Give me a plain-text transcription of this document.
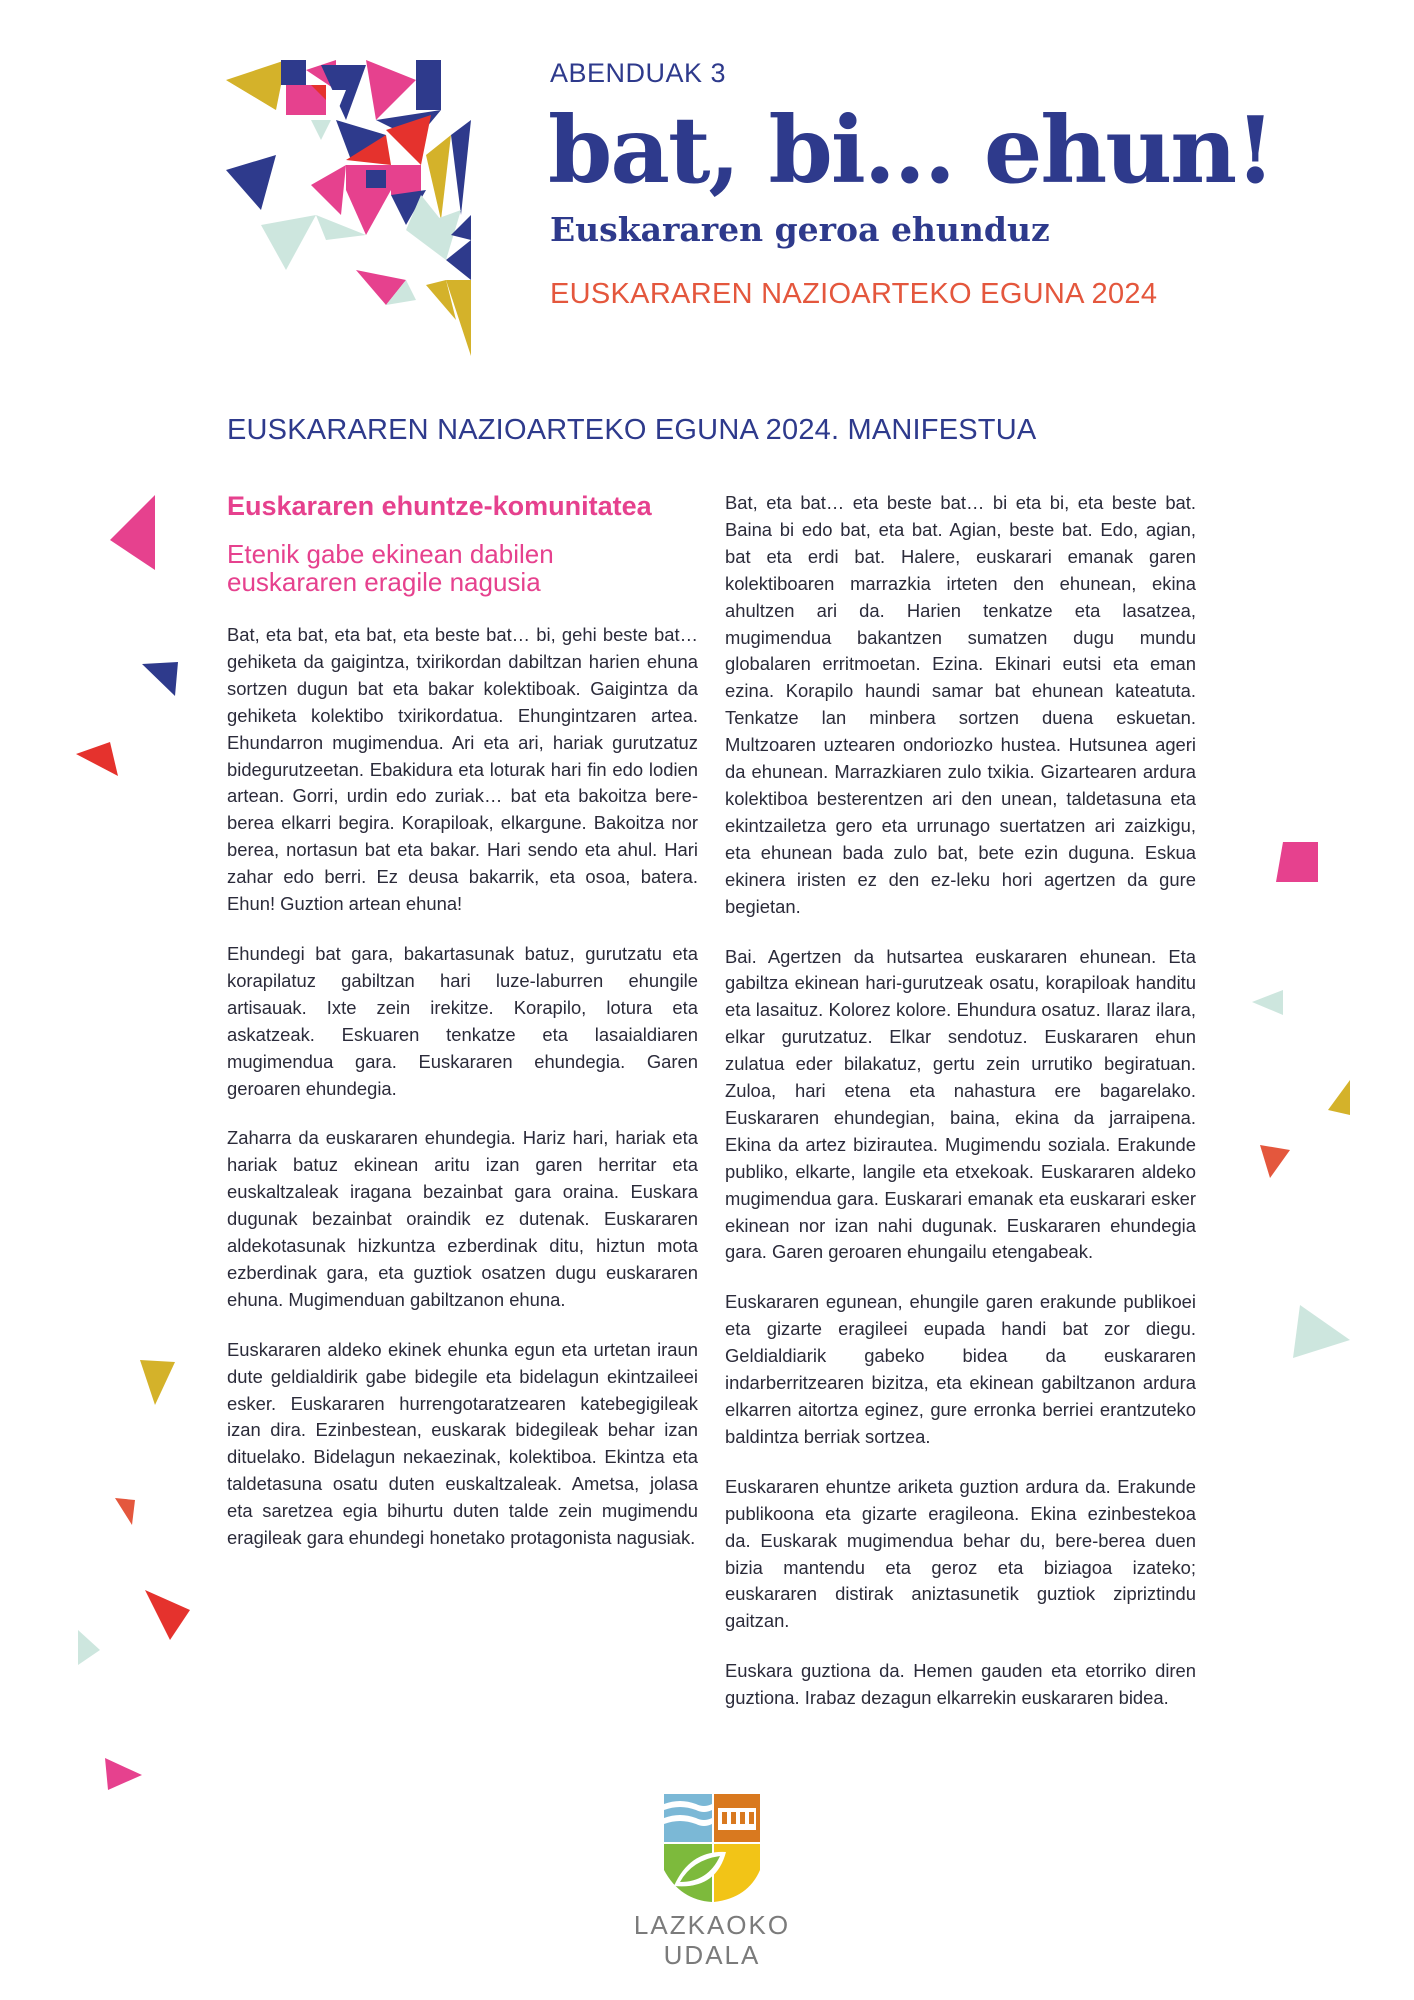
ABENDUAK 3
bat, bi... ehun!
Euskararen geroa ehunduz
EUSKARAREN NAZIOARTEKO EGUNA 2024
EUSKARAREN NAZIOARTEKO EGUNA 2024. MANIFESTUA
Euskararen ehuntze-komunitatea
Etenik gabe ekinean dabilen
euskararen eragile nagusia

Bat, eta bat, eta bat, eta beste bat… bi, gehi beste bat… gehiketa da gaigintza, txirikordan dabiltzan harien ehuna sortzen dugun bat eta bakar kolektiboak. Gaigintza da gehiketa kolektibo txirikordatua. Ehungintzaren artea. Ehundarron mugimendua. Ari eta ari, hariak gurutzatuz bidegurutzeetan. Ebakidura eta loturak hari fin edo lodien artean. Gorri, urdin edo zuriak… bat eta bakoitza bere-berea elkarri begira. Korapiloak, elkargune. Bakoitza nor berea, nortasun bat eta bakar. Hari sendo eta ahul. Hari zahar edo berri. Ez deusa bakarrik, eta osoa, batera. Ehun! Guztion artean ehuna!

Ehundegi bat gara, bakartasunak batuz, gurutzatu eta korapilatuz gabiltzan hari luze-laburren ehungile artisauak. Ixte zein irekitze. Korapilo, lotura eta askatzeak. Eskuaren tenkatze eta lasaialdiaren mugimendua gara. Euskararen ehundegia. Garen geroaren ehundegia.

Zaharra da euskararen ehundegia. Hariz hari, hariak eta hariak batuz ekinean aritu izan garen herritar eta euskaltzaleak iragana bezainbat gara oraina. Euskara dugunak bezainbat oraindik ez dutenak. Euskararen aldekotasunak hizkuntza ezberdinak ditu, hiztun mota ezberdinak gara, eta guztiok osatzen dugu euskararen ehuna. Mugimenduan gabiltzanon ehuna.

Euskararen aldeko ekinek ehunka egun eta urtetan iraun dute geldialdirik gabe bidegile eta bidelagun ekintzaileei esker. Euskararen hurrengotaratzearen katebegigileak izan dira. Ezinbestean, euskarak bidegileak behar izan dituelako. Bidelagun nekaezinak, kolektiboa. Ekintza eta taldetasuna osatu duten euskaltzaleak. Ametsa, jolasa eta saretzea egia bihurtu duten talde zein mugimendu eragileak gara ehundegi honetako protagonista nagusiak.

Bat, eta bat… eta beste bat… bi eta bi, eta beste bat. Baina bi edo bat, eta bat. Agian, beste bat. Edo, agian, bat eta erdi bat. Halere, euskarari emanak garen kolektiboaren marrazkia irteten den ehunean, ekina ahultzen ari da. Harien tenkatze eta lasatzea, mugimendua bakantzen sumatzen dugu mundu globalaren erritmoetan. Ezina. Ekinari eutsi eta eman ezina. Korapilo haundi samar bat ehunean kateatuta. Tenkatze lan minbera sortzen duena eskuetan. Multzoaren uztearen ondoriozko hustea. Hutsunea ageri da ehunean. Marrazkiaren zulo txikia. Gizartearen ardura kolektiboa besterentzen ari den unean, taldetasuna eta ekintzailetza gero eta urrunago suertatzen ari zaizkigu, eta ehunean bada zulo bat, bete ezin duguna. Eskua ekinera iristen ez den ez-leku hori agertzen da gure begietan.

Bai. Agertzen da hutsartea euskararen ehunean. Eta gabiltza ekinean hari-gurutzeak osatu, korapiloak handitu eta lasaituz. Kolorez kolore. Ehundura osatuz. Ilaraz ilara, elkar gurutzatuz. Elkar sendotuz. Euskararen ehun zulatua eder bilakatuz, gertu zein urrutiko begiratuan. Zuloa, hari etena eta nahastura ere bagarelako. Euskararen ehundegian, baina, ekina da jarraipena. Ekina da artez bizirautea. Mugimendu soziala. Erakunde publiko, elkarte, langile eta etxekoak. Euskararen aldeko mugimendua gara. Euskarari emanak eta euskarari esker ekinean nor izan nahi dugunak. Euskararen ehundegia gara. Garen geroaren ehungailu etengabeak.

Euskararen egunean, ehungile garen erakunde publikoei eta gizarte eragileei eupada handi bat zor diegu. Geldialdiarik gabeko bidea da euskararen indarberritzearen bizitza, eta ekinean gabiltzanon ardura elkarren aitortza eginez, gure erronka berriei erantzuteko baldintza berriak sortzea.

Euskararen ehuntze ariketa guztion ardura da. Erakunde publikoona eta gizarte eragileona. Ekina ezinbestekoa da. Euskarak mugimendua behar du, bere-berea duen bizia mantendu eta geroz eta biziagoa izateko; euskararen distirak aniztasunetik guztiok zipriztindu gaitzan.

Euskara guztiona da. Hemen gauden eta etorriko diren guztiona. Irabaz dezagun elkarrekin euskararen bidea.

LAZKAOKO
UDALA
